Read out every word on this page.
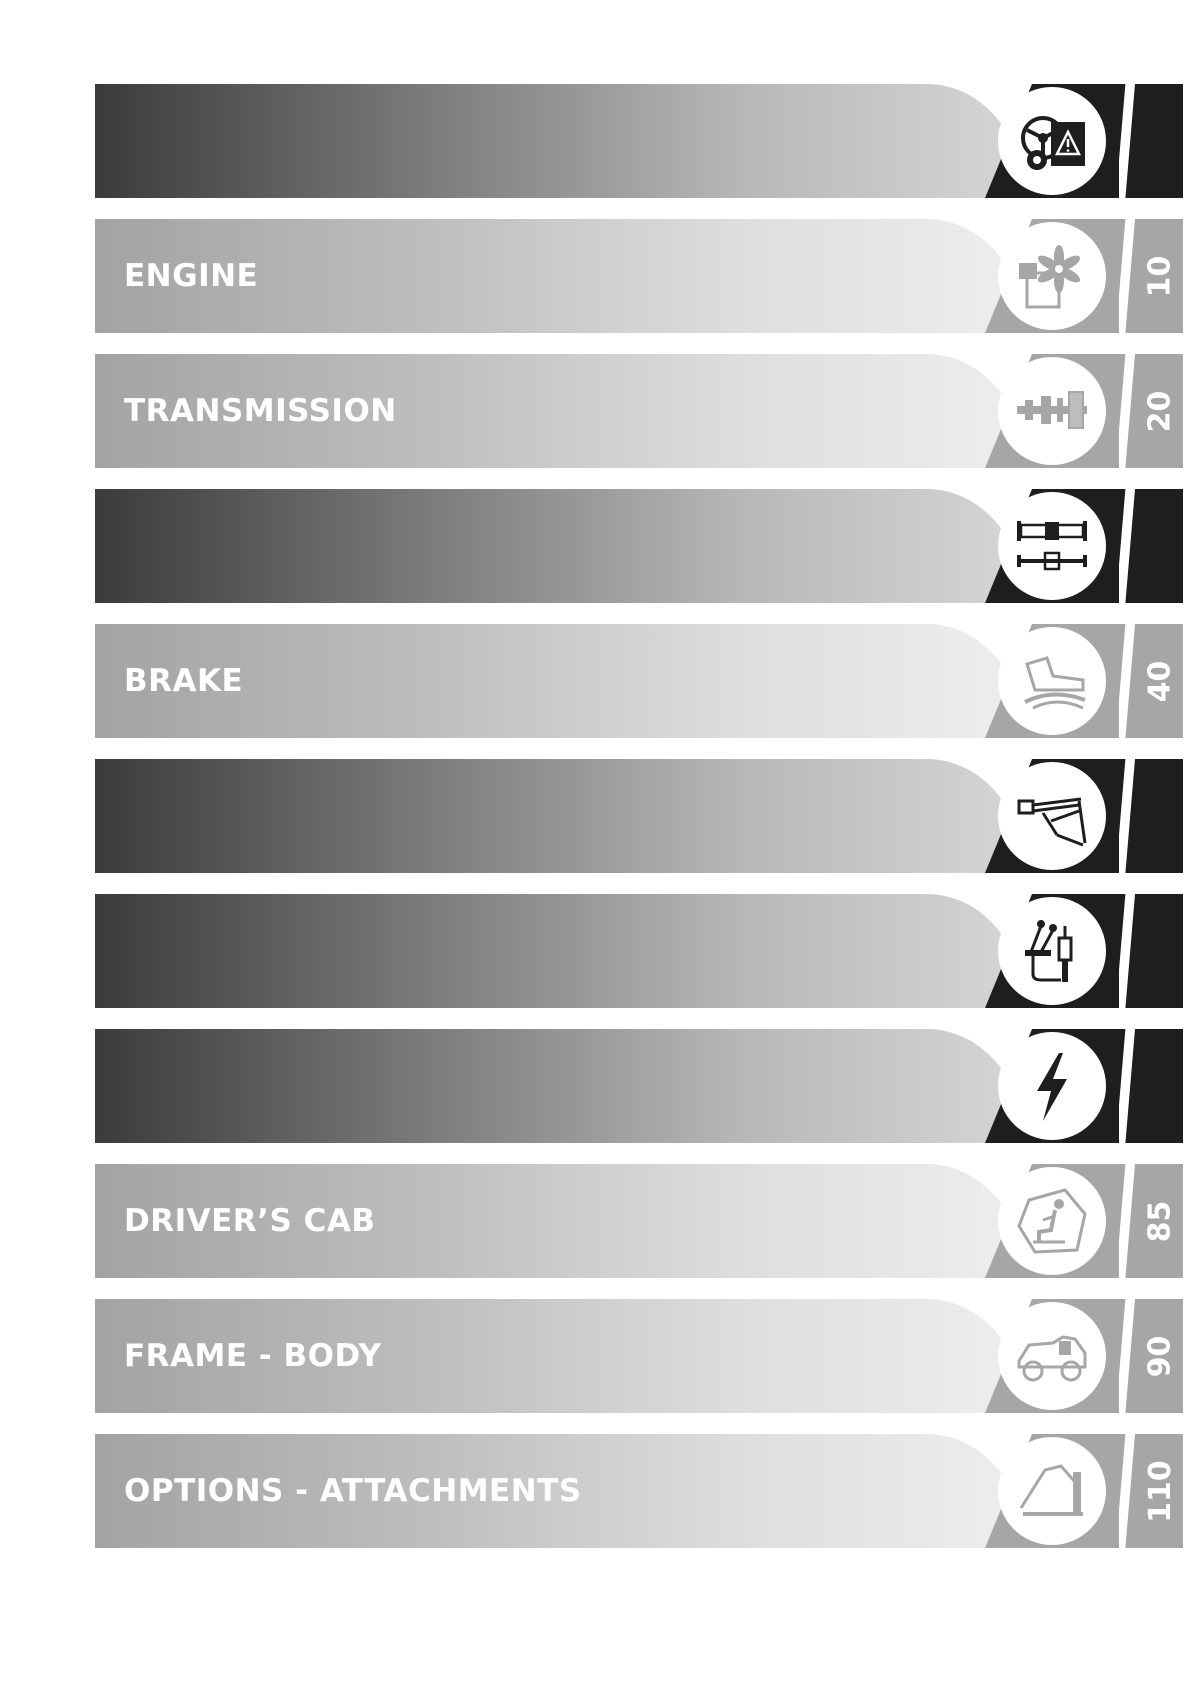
ENGINE	10
TRANSMISSION	20
BRAKE	40
DRIVER’S CAB	85
FRAME - BODY	90
OPTIONS - ATTACHMENTS	110
